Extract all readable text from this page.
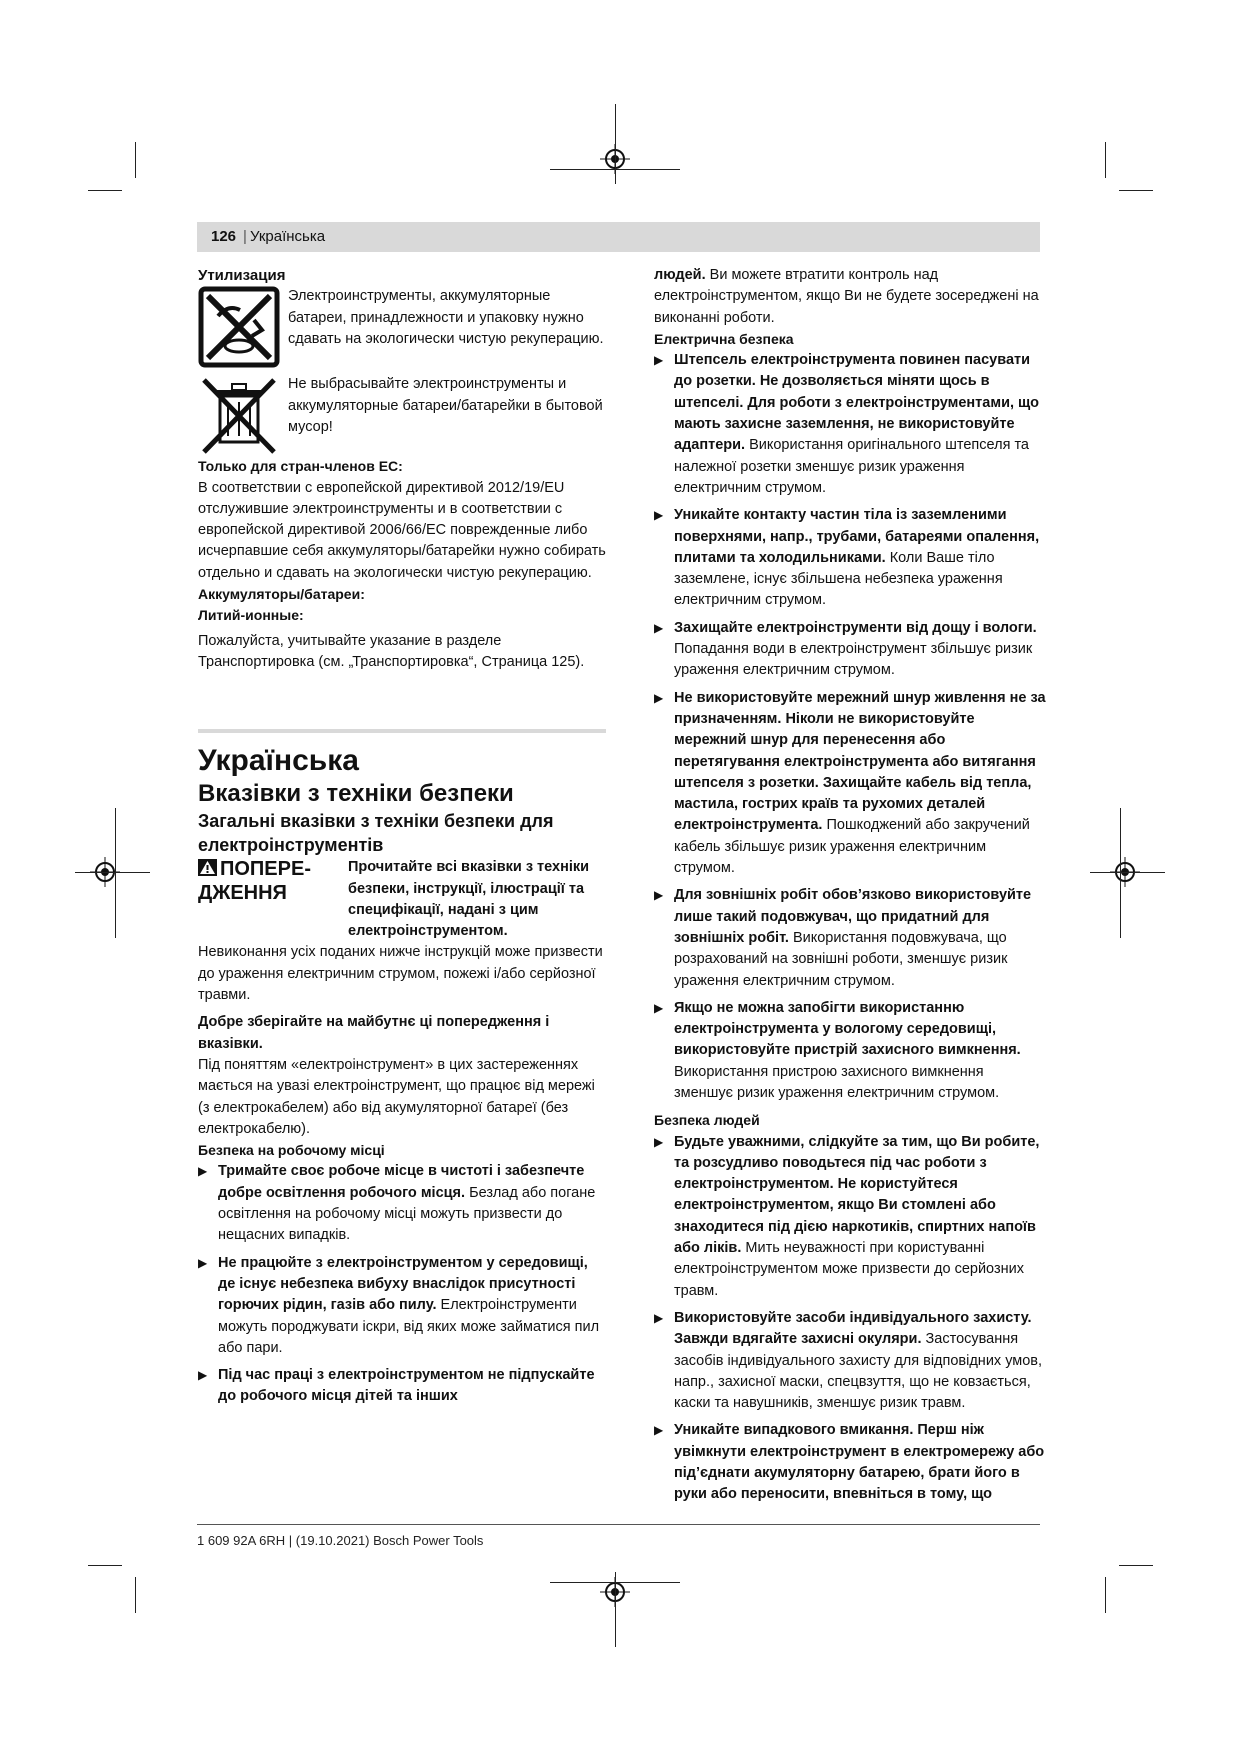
126 | Українська

Утилизация

Электроинструменты, аккумуляторные батареи, принадлежности и упаковку нужно сдавать на экологически чистую рекуперацию.

Не выбрасывайте электроинструменты и аккумуляторные батареи/батарейки в бытовой мусор!

Только для стран-членов ЕС:

В соответствии с европейской директивой 2012/19/EU отслужившие электроинструменты и в соответствии с европейской директивой 2006/66/EC поврежденные либо исчерпавшие себя аккумуляторы/батарейки нужно собирать отдельно и сдавать на экологически чистую рекуперацию.

Аккумуляторы/батареи:

Литий-ионные:

Пожалуйста, учитывайте указание в разделе Транспортировка (см. „Транспортировка“, Страница 125).

Українська

Вказівки з техніки безпеки

Загальні вказівки з техніки безпеки для електроінструментів

ПОПЕРЕ-ДЖЕННЯ

Прочитайте всі вказівки з техніки безпеки, інструкції, ілюстрації та специфікації, надані з цим електроінструментом.

Невиконання усіх поданих нижче інструкцій може призвести до ураження електричним струмом, пожежі і/або серйозної травми.

Добре зберігайте на майбутнє ці попередження і вказівки.

Під поняттям «електроінструмент» в цих застереженнях мається на увазі електроінструмент, що працює від мережі (з електрокабелем) або від акумуляторної батареї (без електрокабелю).

Безпека на робочому місці

▶ Тримайте своє робоче місце в чистоті і забезпечте добре освітлення робочого місця. Безлад або погане освітлення на робочому місці можуть призвести до нещасних випадків.
▶ Не працюйте з електроінструментом у середовищі, де існує небезпека вибуху внаслідок присутності горючих рідин, газів або пилу. Електроінструменти можуть породжувати іскри, від яких може займатися пил або пари.
▶ Під час праці з електроінструментом не підпускайте до робочого місця дітей та інших

людей. Ви можете втратити контроль над електроінструментом, якщо Ви не будете зосереджені на виконанні роботи.

Електрична безпека

▶ Штепсель електроінструмента повинен пасувати до розетки. Не дозволяється міняти щось в штепселі. Для роботи з електроінструментами, що мають захисне заземлення, не використовуйте адаптери. Використання оригінального штепселя та належної розетки зменшує ризик ураження електричним струмом.
▶ Уникайте контакту частин тіла із заземленими поверхнями, напр., трубами, батареями опалення, плитами та холодильниками. Коли Ваше тіло заземлене, існує збільшена небезпека ураження електричним струмом.
▶ Захищайте електроінструменти від дощу і вологи. Попадання води в електроінструмент збільшує ризик ураження електричним струмом.
▶ Не використовуйте мережний шнур живлення не за призначенням. Ніколи не використовуйте мережний шнур для перенесення або перетягування електроінструмента або витягання штепселя з розетки. Захищайте кабель від тепла, мастила, гострих країв та рухомих деталей електроінструмента. Пошкоджений або закручений кабель збільшує ризик ураження електричним струмом.
▶ Для зовнішніх робіт обов’язково використовуйте лише такий подовжувач, що придатний для зовнішніх робіт. Використання подовжувача, що розрахований на зовнішні роботи, зменшує ризик ураження електричним струмом.
▶ Якщо не можна запобігти використанню електроінструмента у вологому середовищі, використовуйте пристрій захисного вимкнення. Використання пристрою захисного вимкнення зменшує ризик ураження електричним струмом.

Безпека людей

▶ Будьте уважними, слідкуйте за тим, що Ви робите, та розсудливо поводьтеся під час роботи з електроінструментом. Не користуйтеся електроінструментом, якщо Ви стомлені або знаходитеся під дією наркотиків, спиртних напоїв або ліків. Мить неуважності при користуванні електроінструментом може призвести до серйозних травм.
▶ Використовуйте засоби індивідуального захисту. Завжди вдягайте захисні окуляри. Застосування засобів індивідуального захисту для відповідних умов, напр., захисної маски, спецвзуття, що не ковзається, каски та навушників, зменшує ризик травм.
▶ Уникайте випадкового вмикання. Перш ніж увімкнути електроінструмент в електромережу або під’єднати акумуляторну батарею, брати його в руки або переносити, впевніться в тому, що
1 609 92A 6RH | (19.10.2021) Bosch Power Tools
